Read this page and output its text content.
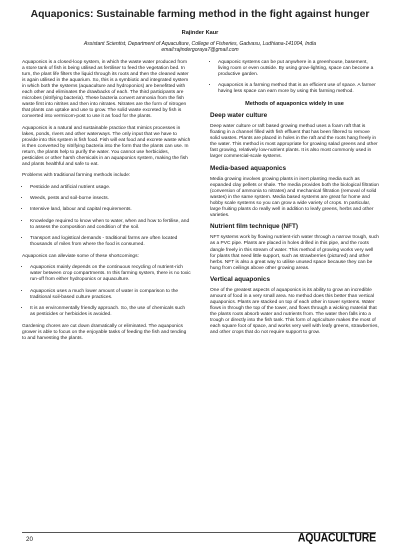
Aquaponics: Sustainable farming method in the fight against hunger
Rajinder Kaur
Assistant Scientist, Department of Aquaculture, College of Fisheries, Gadvasu, Ludhiana-141004, India
email:rajindergoraya7@gmail.com

Aquaponics is a closed-loop system, in which the waste water produced from a store tank of fish is being utilised as fertiliser to feed the vegetation bed. In turn, the plant life filters the liquid through its roots and then the cleaned water is again utilised in the aquarium. So, this is a symbiotic and integrated system in which both the systems (aquaculture and hydroponics) are benefitted with each other and eliminates the drawbacks of each. The third participants are microbes (nitrifying bacteria). These bacteria convert ammonia from the fish waste first into nitrites and then into nitrates. Nitrates are the form of nitrogen that plants can uptake and use to grow. The solid waste excreted by fish is converted into vermicom-post to use it as food for the plants.

Aquaponics is a natural and sustainable practice that mimics processes in lakes, ponds, rivers and other waterways. The only input that we have to provide into this system is fish food. Fish will eat food and excrete waste which is then converted by nitrifying bacteria into the form that the plants can use. In return, the plants help to purify the water. You cannot use herbicides, pesticides or other harsh chemicals in an aquaponics system, making the fish and plants healthful and safe to eat.

Problems with traditional farming methods include:

• Pesticide and artificial nutrient usage.
• Weeds, pests and soil-borne insects.
• Intensive land, labour and capital requirements.
• Knowledge required to know when to water, when and how to fertilise, and to assess the composition and condition of the soil.
• Transport and logistical demands - traditional farms are often located thousands of miles from where the food is consumed.

Aquaponics can alleviate some of these shortcomings:

• Aquaponics mainly depends on the continuous recycling of nutrient-rich water between crop compartments. In this farming system, there is no toxic run-off from either hydroponics or aquaculture.
• Aquaponics uses a much lower amount of water in comparison to the traditional soil-based culture practices.
• It is an environmentally friendly approach. So, the use of chemicals such as pesticides or herbicides is avoided.

Gardening chores are cut down dramatically or eliminated. The aquaponics grower is able to focus on the enjoyable tasks of feeding the fish and tending to and harvesting the plants.

• Aquaponic systems can be put anywhere in a greenhouse, basement, living room or even outside. By using grow-lighting, space can become a productive garden.
• Aquaponics is a farming method that is an efficient use of space. A farmer having less space can earn more by using this farming method.
Methods of aquaponics widely in use
Deep water culture

Deep water culture or raft based growing method uses a foam raft that is floating in a channel filled with fish effluent that has been filtered to remove solid wastes. Plants are placed in holes in the raft and the roots hang freely in the water. This method is most appropriate for growing salad greens and other fast growing, relatively low-nutrient plants. It is also most commonly used in larger commercial-scale systems.

Media-based aquaponics

Media growing involves growing plants in inert planting media such as expanded clay pellets or shale. The media provides both the biological filtration (conversion of ammonia to nitrates) and mechanical filtration (removal of solid wastes) in the same system. Media based systems are great for home and hobby scale systems so you can grow a wide variety of crops. In particular, large fruiting plants do really well in addition to leafy greens, herbs and other varieties.

Nutrient film technique (NFT)

NFT systems work by flowing nutrient-rich water through a narrow trough, such as a PVC pipe. Plants are placed in holes drilled in this pipe, and the roots dangle freely in this stream of water. This method of growing works very well for plants that need little support, such as strawberries (pictured) and other herbs. NFT is also a great way to utilise unused space because they can be hung from ceilings above other growing areas.

Vertical aquaponics

One of the greatest aspects of aquaponics is its ability to grow an incredible amount of food in a very small area. No method does this better than vertical aquaponics. Plants are stacked on top of each other in tower systems. Water flows in through the top of the tower, and flows through a wicking material that the plants roots absorb water and nutrients from. The water then falls into a trough or directly into the fish tank. This form of agriculture makes the most of each square foot of space, and works very well with leafy greens, strawberries, and other crops that do not require support to grow.

20	AQUACULTURE
